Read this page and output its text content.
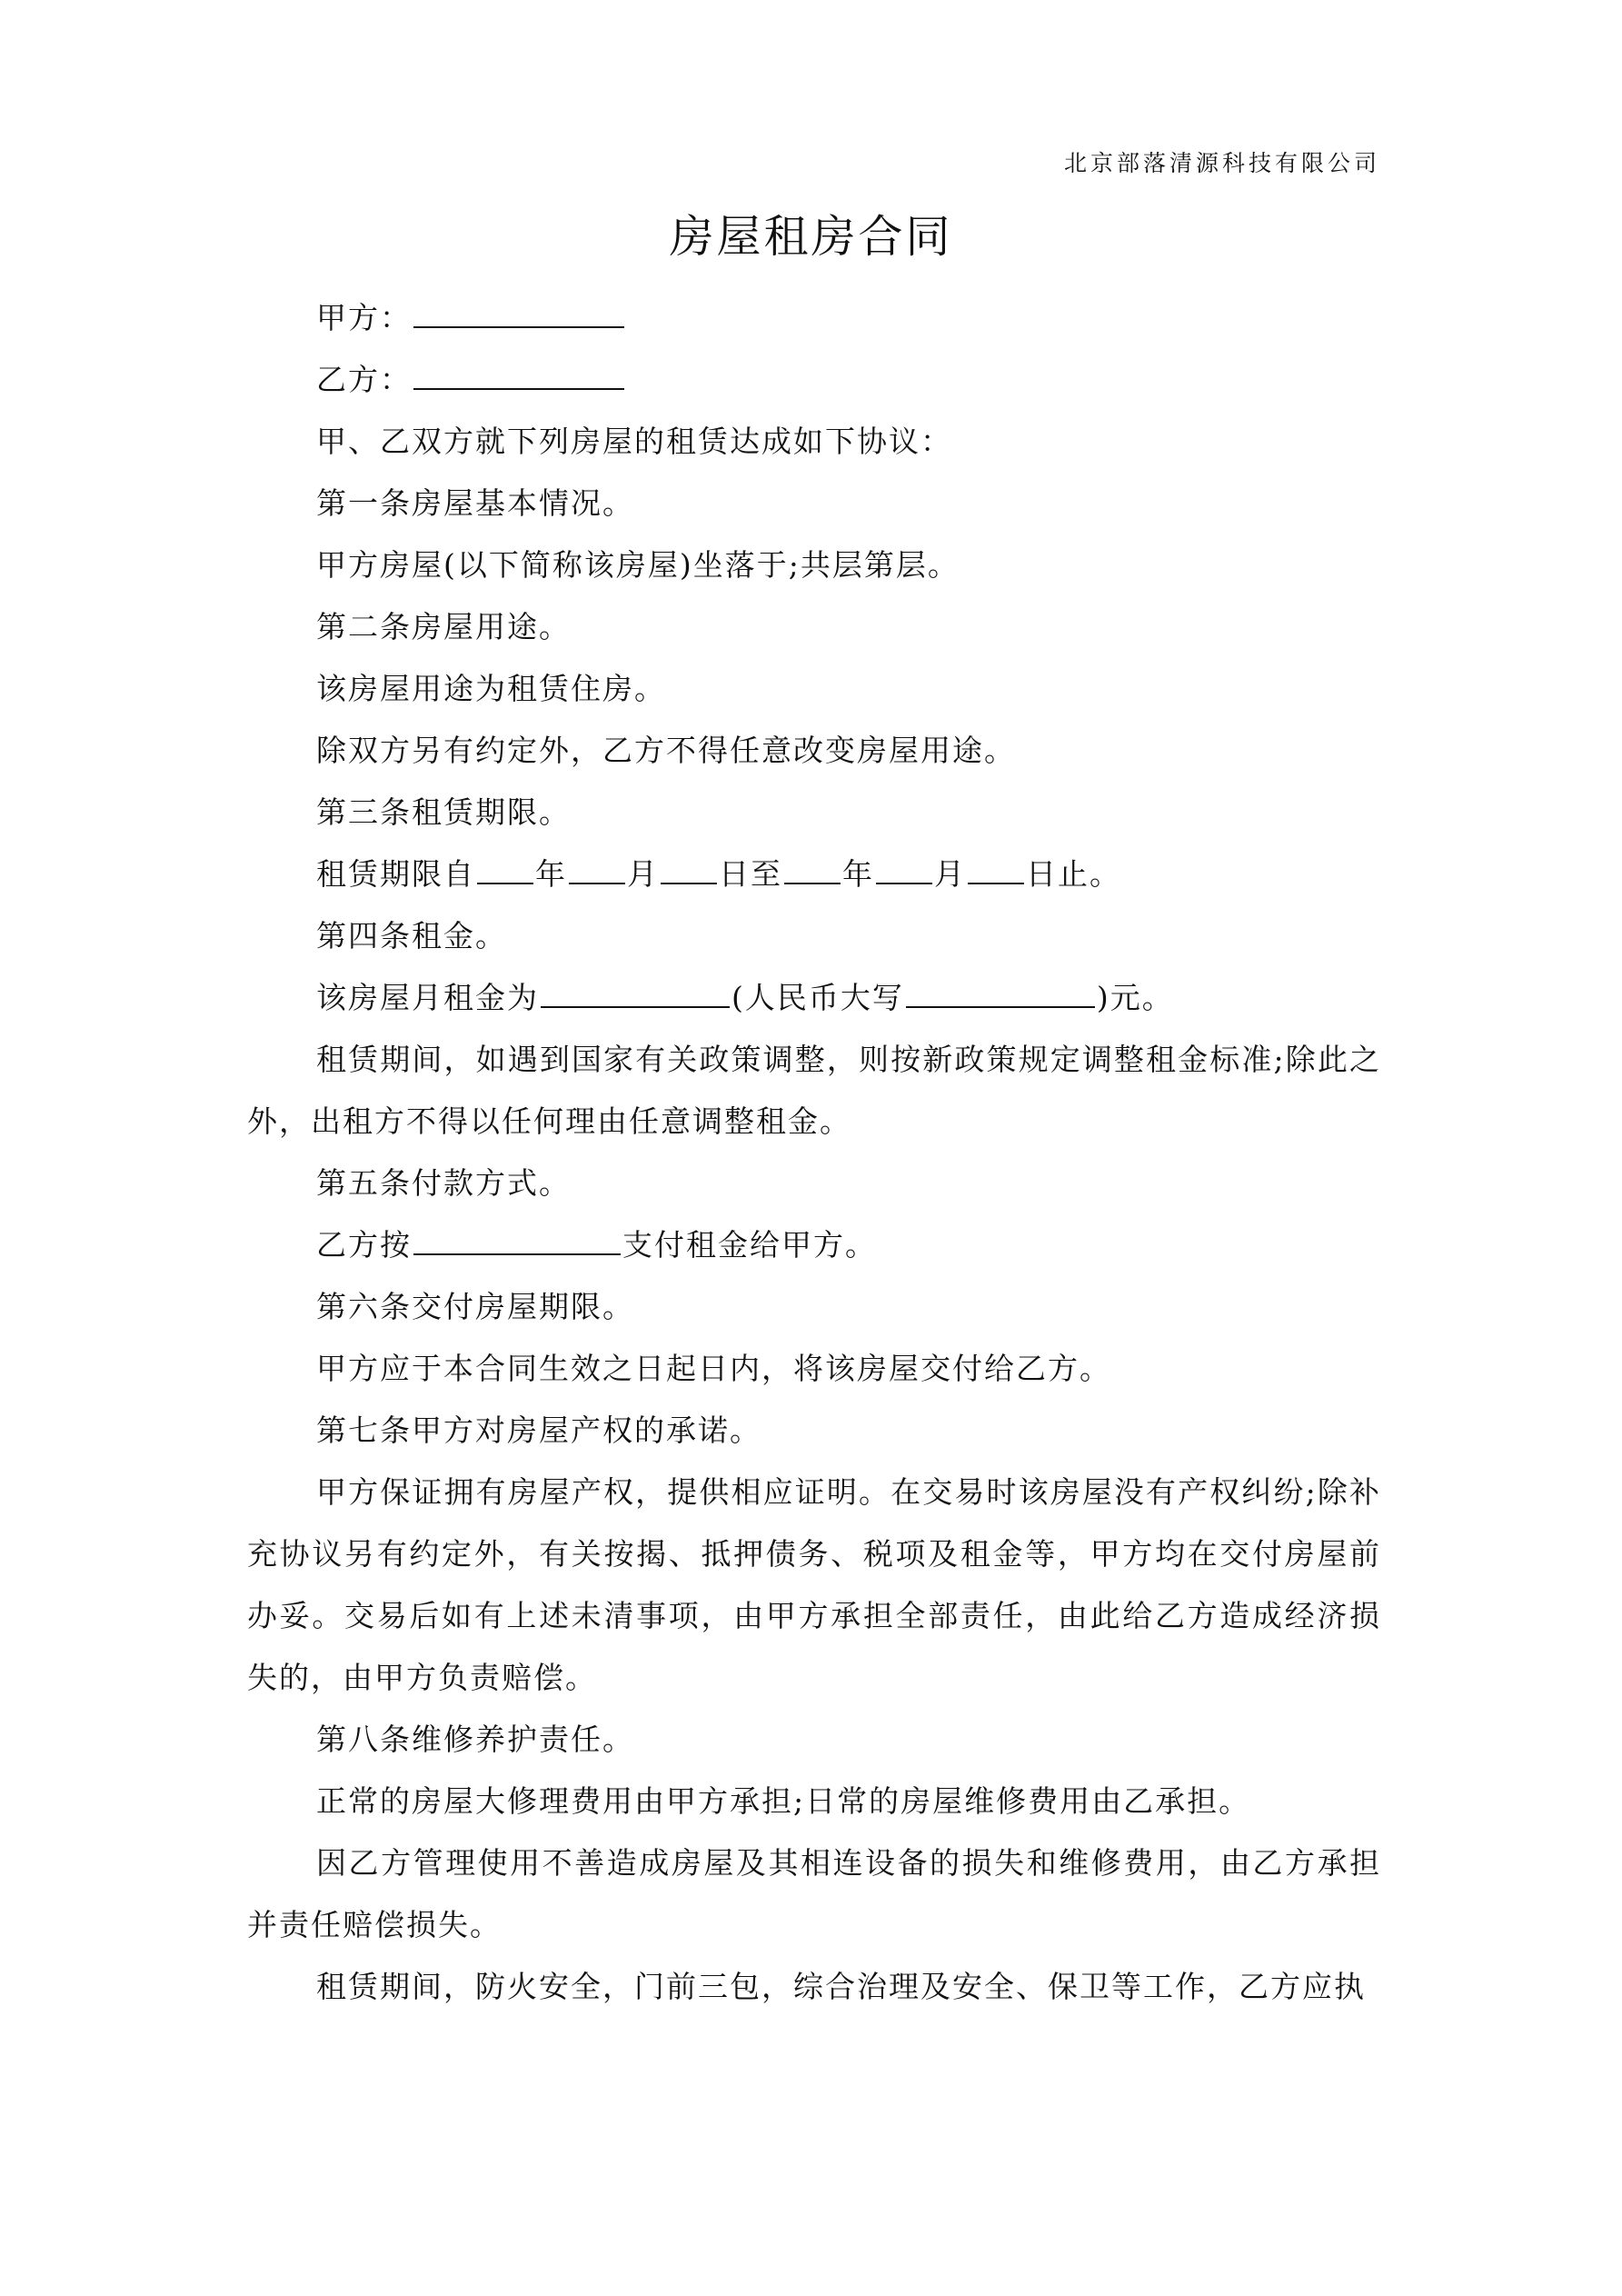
北京部落清源科技有限公司
房屋租房合同
甲方：
乙方：
甲、乙双方就下列房屋的租赁达成如下协议：
第一条房屋基本情况。
甲方房屋(以下简称该房屋)坐落于;共层第层。
第二条房屋用途。
该房屋用途为租赁住房。
除双方另有约定外，乙方不得任意改变房屋用途。
第三条租赁期限。
租赁期限自 年 月 日至 年 月 日止。
第四条租金。
该房屋月租金为	(人民币大写	)元。
租赁期间，如遇到国家有关政策调整，则按新政策规定调整租金标准;除此之外，出租方不得以任何理由任意调整租金。
第五条付款方式。
乙方按	支付租金给甲方。
第六条交付房屋期限。
甲方应于本合同生效之日起日内，将该房屋交付给乙方。
第七条甲方对房屋产权的承诺。
甲方保证拥有房屋产权，提供相应证明。在交易时该房屋没有产权纠纷;除补充协议另有约定外，有关按揭、抵押债务、税项及租金等，甲方均在交付房屋前办妥。交易后如有上述未清事项，由甲方承担全部责任，由此给乙方造成经济损失的，由甲方负责赔偿。
第八条维修养护责任。
正常的房屋大修理费用由甲方承担;日常的房屋维修费用由乙承担。
因乙方管理使用不善造成房屋及其相连设备的损失和维修费用，由乙方承担并责任赔偿损失。
租赁期间，防火安全，门前三包，综合治理及安全、保卫等工作，乙方应执
